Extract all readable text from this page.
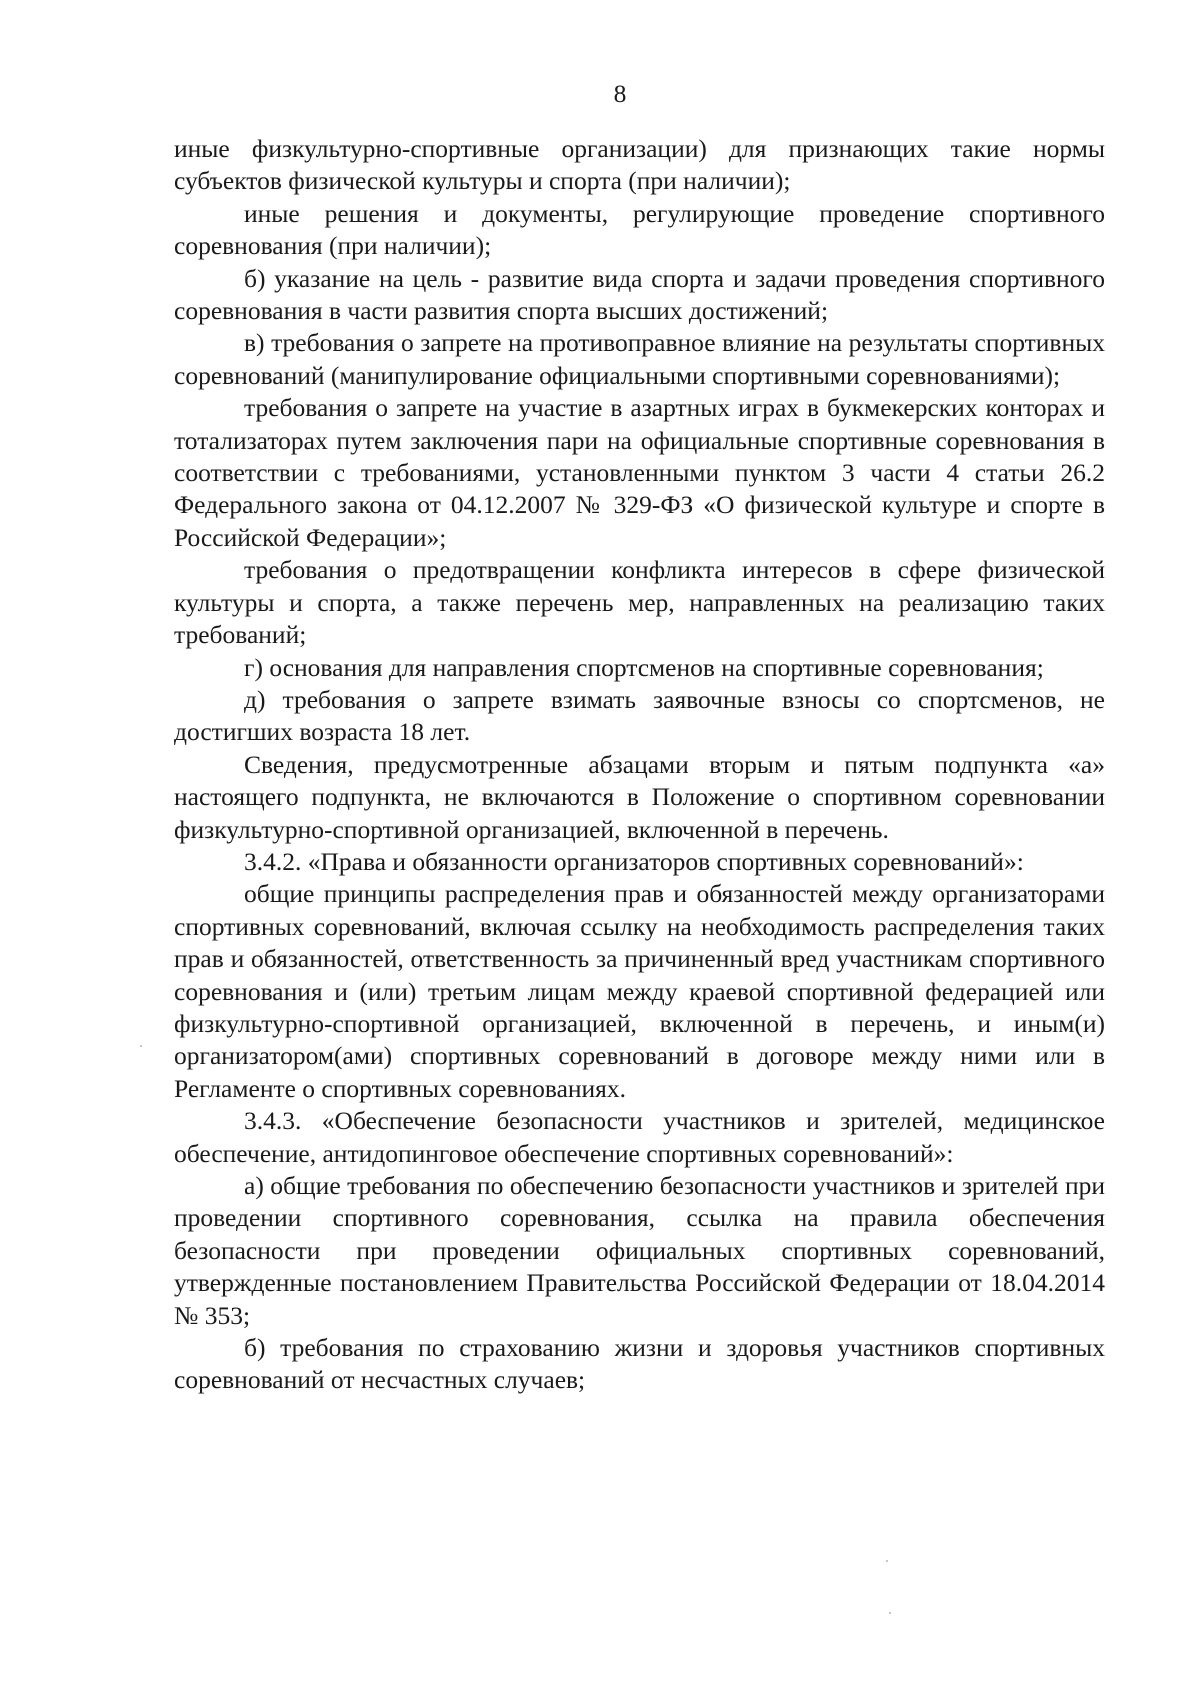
8

иные физкультурно-спортивные организации) для признающих такие нормы субъектов физической культуры и спорта (при наличии);

иные решения и документы, регулирующие проведение спортивного соревнования (при наличии);

б) указание на цель - развитие вида спорта и задачи проведения спортивного соревнования в части развития спорта высших достижений;

в) требования о запрете на противоправное влияние на результаты спортивных соревнований (манипулирование официальными спортивными соревнованиями);

требования о запрете на участие в азартных играх в букмекерских конторах и тотализаторах путем заключения пари на официальные спортивные соревнования в соответствии с требованиями, установленными пунктом 3 части 4 статьи 26.2 Федерального закона от 04.12.2007 № 329-ФЗ «О физической культуре и спорте в Российской Федерации»;

требования о предотвращении конфликта интересов в сфере физической культуры и спорта, а также перечень мер, направленных на реализацию таких требований;

г) основания для направления спортсменов на спортивные соревнования;

д) требования о запрете взимать заявочные взносы со спортсменов, не достигших возраста 18 лет.

Сведения, предусмотренные абзацами вторым и пятым подпункта «а» настоящего подпункта, не включаются в Положение о спортивном соревновании физкультурно-спортивной организацией, включенной в перечень.

3.4.2. «Права и обязанности организаторов спортивных соревнований»:

общие принципы распределения прав и обязанностей между организаторами спортивных соревнований, включая ссылку на необходимость распределения таких прав и обязанностей, ответственность за причиненный вред участникам спортивного соревнования и (или) третьим лицам между краевой спортивной федерацией или физкультурно-спортивной организацией, включенной в перечень, и иным(и) организатором(ами) спортивных соревнований в договоре между ними или в Регламенте о спортивных соревнованиях.

3.4.3. «Обеспечение безопасности участников и зрителей, медицинское обеспечение, антидопинговое обеспечение спортивных соревнований»:

а) общие требования по обеспечению безопасности участников и зрителей при проведении спортивного соревнования, ссылка на правила обеспечения безопасности при проведении официальных спортивных соревнований, утвержденные постановлением Правительства Российской Федерации от 18.04.2014 № 353;

б) требования по страхованию жизни и здоровья участников спортивных соревнований от несчастных случаев;
